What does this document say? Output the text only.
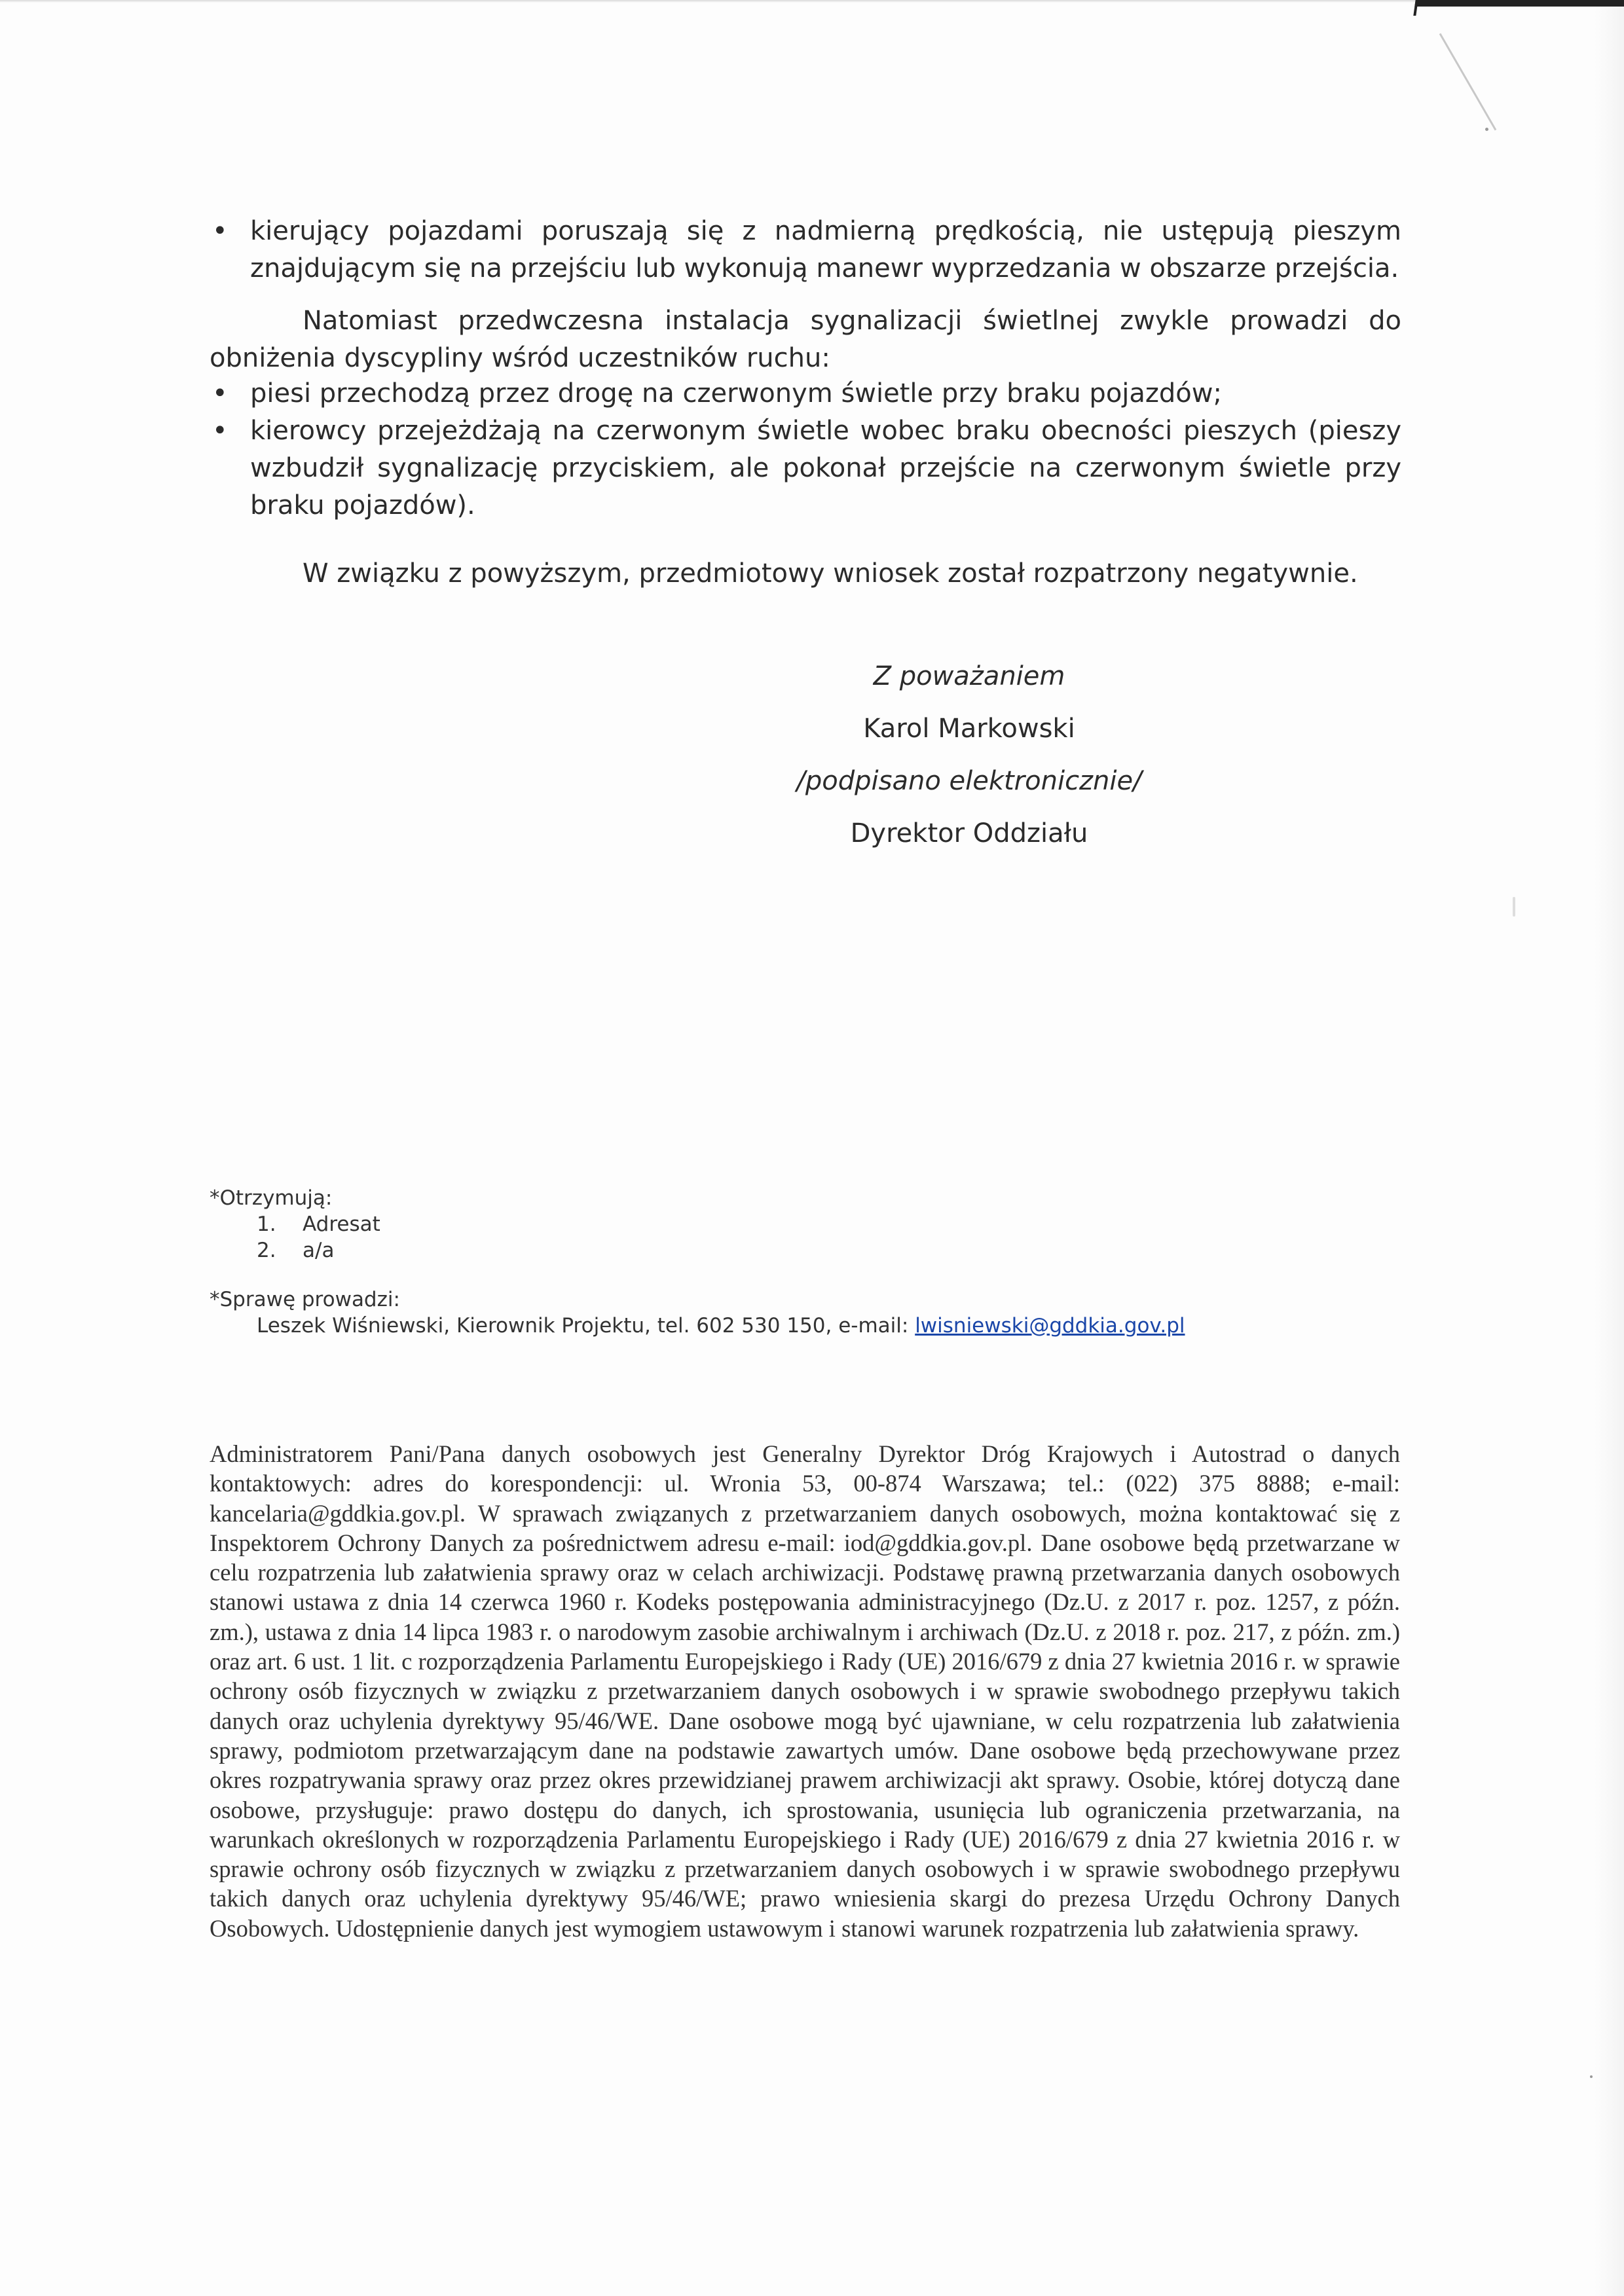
• kierujący pojazdami poruszają się z nadmierną prędkością, nie ustępują pieszym znajdującym się na przejściu lub wykonują manewr wyprzedzania w obszarze przejścia.
Natomiast przedwczesna instalacja sygnalizacji świetlnej zwykle prowadzi do obniżenia dyscypliny wśród uczestników ruchu:
• piesi przechodzą przez drogę na czerwonym świetle przy braku pojazdów;
• kierowcy przejeżdżają na czerwonym świetle wobec braku obecności pieszych (pieszy wzbudził sygnalizację przyciskiem, ale pokonał przejście na czerwonym świetle przy braku pojazdów).
W związku z powyższym, przedmiotowy wniosek został rozpatrzony negatywnie.
Z poważaniem
Karol Markowski
/podpisano elektronicznie/
Dyrektor Oddziału
*Otrzymują:
1. Adresat
2. a/a
*Sprawę prowadzi:
Leszek Wiśniewski, Kierownik Projektu, tel. 602 530 150, e-mail: lwisniewski@gddkia.gov.pl
Administratorem Pani/Pana danych osobowych jest Generalny Dyrektor Dróg Krajowych i Autostrad o danych kontaktowych: adres do korespondencji: ul. Wronia 53, 00-874 Warszawa; tel.: (022) 375 8888; e-mail: kancelaria@gddkia.gov.pl. W sprawach związanych z przetwarzaniem danych osobowych, można kontaktować się z Inspektorem Ochrony Danych za pośrednictwem adresu e-mail: iod@gddkia.gov.pl. Dane osobowe będą przetwarzane w celu rozpatrzenia lub załatwienia sprawy oraz w celach archiwizacji. Podstawę prawną przetwarzania danych osobowych stanowi ustawa z dnia 14 czerwca 1960 r. Kodeks postępowania administracyjnego (Dz.U. z 2017 r. poz. 1257, z późn. zm.), ustawa z dnia 14 lipca 1983 r. o narodowym zasobie archiwalnym i archiwach (Dz.U. z 2018 r. poz. 217, z późn. zm.) oraz art. 6 ust. 1 lit. c rozporządzenia Parlamentu Europejskiego i Rady (UE) 2016/679 z dnia 27 kwietnia 2016 r. w sprawie ochrony osób fizycznych w związku z przetwarzaniem danych osobowych i w sprawie swobodnego przepływu takich danych oraz uchylenia dyrektywy 95/46/WE. Dane osobowe mogą być ujawniane, w celu rozpatrzenia lub załatwienia sprawy, podmiotom przetwarzającym dane na podstawie zawartych umów. Dane osobowe będą przechowywane przez okres rozpatrywania sprawy oraz przez okres przewidzianej prawem archiwizacji akt sprawy. Osobie, której dotyczą dane osobowe, przysługuje: prawo dostępu do danych, ich sprostowania, usunięcia lub ograniczenia przetwarzania, na warunkach określonych w rozporządzenia Parlamentu Europejskiego i Rady (UE) 2016/679 z dnia 27 kwietnia 2016 r. w sprawie ochrony osób fizycznych w związku z przetwarzaniem danych osobowych i w sprawie swobodnego przepływu takich danych oraz uchylenia dyrektywy 95/46/WE; prawo wniesienia skargi do prezesa Urzędu Ochrony Danych Osobowych. Udostępnienie danych jest wymogiem ustawowym i stanowi warunek rozpatrzenia lub załatwienia sprawy.
